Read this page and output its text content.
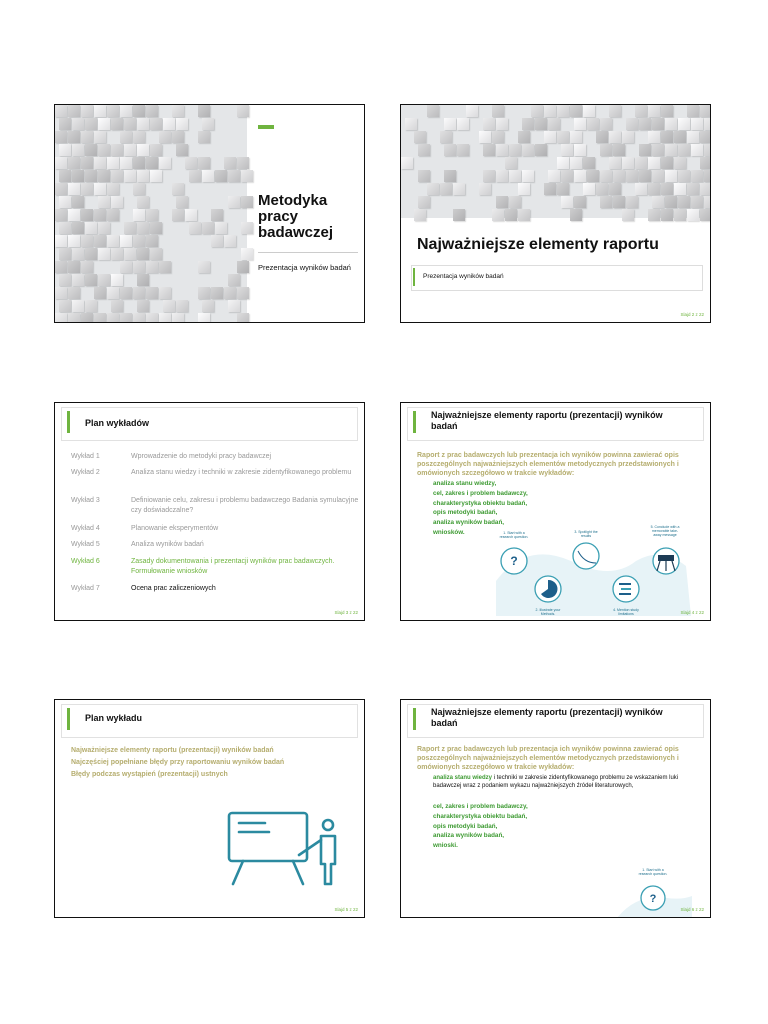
Metodyka
pracy
badawczej
Prezentacja wyników badań
Najważniejsze elementy raportu
Prezentacja wyników badań
Slajd 2 z 22
Plan wykładów
Wykład 1	Wprowadzenie do metodyki pracy badawczej
Wykład 2	Analiza stanu wiedzy i techniki w zakresie zidentyfikowanego problemu
Wykład 3	Definiowanie celu, zakresu i problemu badawczego Badania symulacyjne czy doświadczalne?
Wykład 4	Planowanie eksperymentów
Wykład 5	Analiza wyników badań
Wykład 6	Zasady dokumentowania i prezentacji wyników prac badawczych. Formułowanie wniosków
Wykład 7	Ocena prac zaliczeniowych
Slajd 3 z 22
Najważniejsze elementy raportu (prezentacji) wyników badań
Raport z prac badawczych lub prezentacja ich wyników powinna zawierać opis poszczególnych najważniejszych elementów metodycznych przedstawionych i omówionych szczegółowo w trakcie wykładów:
analiza stanu wiedzy,
cel, zakres i problem badawczy,
charakterystyka obiektu badań,
opis metodyki badań,
analiza wyników badań,
wniosków.
?
1. Start with a research question.
2. Illustrate your Methods.
3. Spotlight the results
4. Mention study limitations
5. Conclude with a memorable take-away message
Slajd 4 z 22
Plan wykładu
Najważniejsze elementy raportu (prezentacji) wyników badań
Najczęściej popełniane błędy przy raportowaniu wyników badań
Błędy podczas wystąpień (prezentacji) ustnych
Slajd 5 z 22
Najważniejsze elementy raportu (prezentacji) wyników badań
Raport z prac badawczych lub prezentacja ich wyników powinna zawierać opis poszczególnych najważniejszych elementów metodycznych przedstawionych i omówionych szczegółowo w trakcie wykładów:
analiza stanu wiedzy i techniki w zakresie zidentyfikowanego problemu ze wskazaniem luki badawczej wraz z podaniem wykazu najważniejszych źródeł literaturowych,
cel, zakres i problem badawczy,
charakterystyka obiektu badań,
opis metodyki badań,
analiza wyników badań,
wnioski.
1. Start with a research question.
?
Slajd 6 z 22
